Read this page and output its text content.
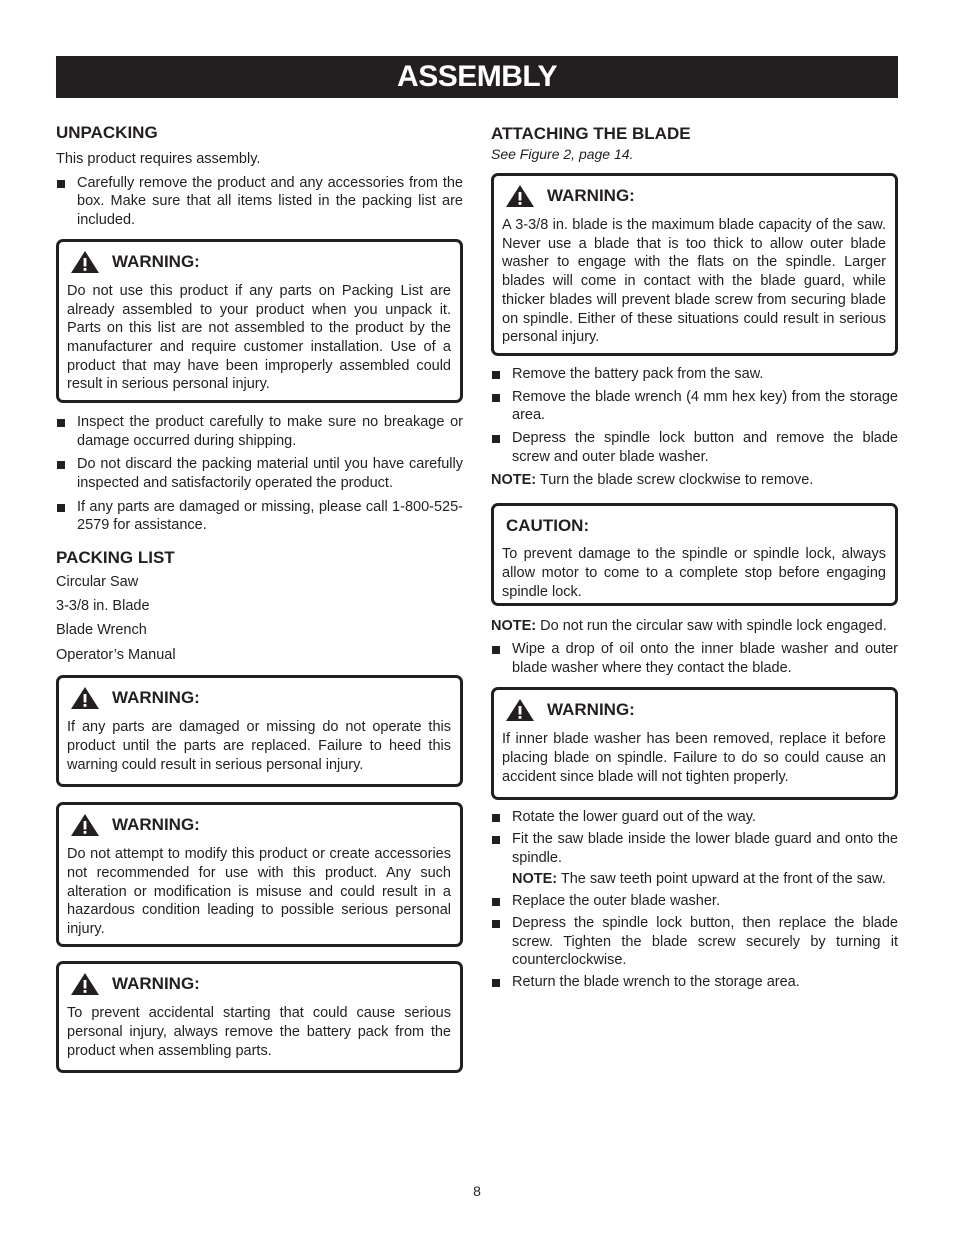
ASSEMBLY
UNPACKING

This product requires assembly.

Carefully remove the product and any accessories from the box. Make sure that all items listed in the packing list are included.
WARNING:

Do not use this product if any parts on Packing List are already assembled to your product when you unpack it. Parts on this list are not assembled to the product by the manufacturer and require customer installation. Use of a product that may have been improperly assembled could result in serious personal injury.

Inspect the product carefully to make sure no breakage or damage occurred during shipping.
Do not discard the packing material until you have carefully inspected and satisfactorily operated the product.
If any parts are damaged or missing, please call 1-800-525-2579 for assistance.
PACKING LIST

Circular Saw

3-3/8 in. Blade

Blade Wrench

Operator’s Manual

WARNING:

If any parts are damaged or missing do not operate this product until the parts are replaced. Failure to heed this warning could result in serious personal injury.

WARNING:

Do not attempt to modify this product or create accessories not recommended for use with this product. Any such alteration or modification is misuse and could result in a hazardous condition leading to possible serious personal injury.

WARNING:

To prevent accidental starting that could cause serious personal injury, always remove the battery pack from the product when assembling parts.

ATTACHING THE BLADE

See Figure 2, page 14.

WARNING:

A 3-3/8 in. blade is the maximum blade capacity of the saw. Never use a blade that is too thick to allow outer blade washer to engage with the flats on the spindle. Larger blades will come in contact with the blade guard, while thicker blades will prevent blade screw from securing blade on spindle. Either of these situations could result in serious personal injury.

Remove the battery pack from the saw.
Remove the blade wrench (4 mm hex key) from the storage area.
Depress the spindle lock button and remove the blade screw and outer blade washer.

NOTE: Turn the blade screw clockwise to remove.

CAUTION:

To prevent damage to the spindle or spindle lock, always allow motor to come to a complete stop before engaging spindle lock.

NOTE: Do not run the circular saw with spindle lock engaged.

Wipe a drop of oil onto the inner blade washer and outer blade washer where they contact the blade.
WARNING:

If inner blade washer has been removed, replace it before placing blade on spindle. Failure to do so could cause an accident since blade will not tighten properly.

Rotate the lower guard out of the way.
Fit the saw blade inside the lower blade guard and onto the spindle.

NOTE: The saw teeth point upward at the front of the saw.

Replace the outer blade washer.
Depress the spindle lock button, then replace the blade screw. Tighten the blade screw securely by turning it counterclockwise.
Return the blade wrench to the storage area.
8
